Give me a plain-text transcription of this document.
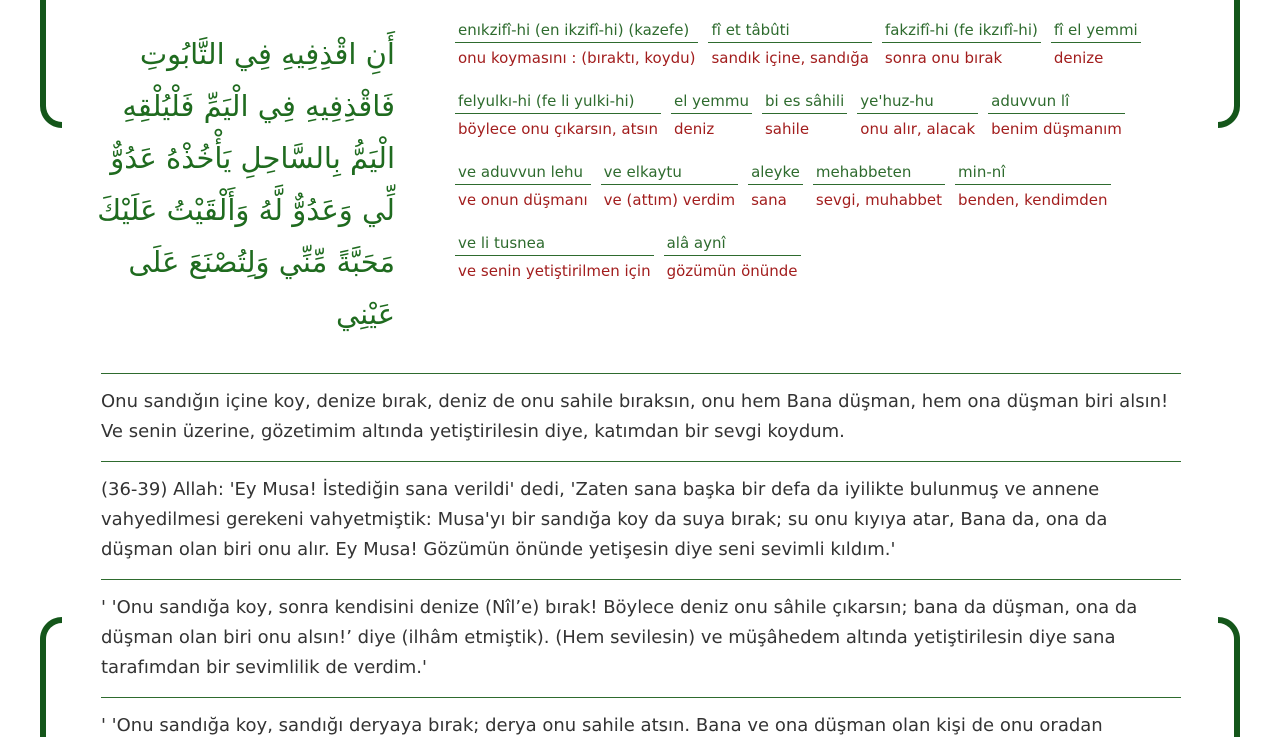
أَنِ اقْذِفِيهِ فِي التَّابُوتِ فَاقْذِفِيهِ فِي الْيَمِّ فَلْيُلْقِهِ الْيَمُّ بِالسَّاحِلِ يَأْخُذْهُ عَدُوٌّ لِّي وَعَدُوٌّ لَّهُ وَأَلْقَيْتُ عَلَيْكَ مَحَبَّةً مِّنِّي وَلِتُصْنَعَ عَلَى عَيْنِي
enıkzifî-hi (en ikzifî-hi) (kazefe)
onu koymasını : (bıraktı, koydu)
fî et tâbûti
sandık içine, sandığa
fakzifî-hi (fe ikzıfî-hi)
sonra onu bırak
fî el yemmi
denize
felyulkı-hi (fe li yulki-hi)
böylece onu çıkarsın, atsın
el yemmu
deniz
bi es sâhili
sahile
ye'huz-hu
onu alır, alacak
aduvvun lî
benim düşmanım
ve aduvvun lehu
ve onun düşmanı
ve elkaytu
ve (attım) verdim
aleyke
sana
mehabbeten
sevgi, muhabbet
min-nî
benden, kendimden
ve li tusnea
ve senin yetiştirilmen için
alâ aynî
gözümün önünde

Onu sandığın içine koy, denize bırak, deniz de onu sahile bıraksın, onu hem Bana düşman, hem ona düşman biri alsın! Ve senin üzerine, gözetimim altında yetiştirilesin diye, katımdan bir sevgi koydum.

(36-39) Allah: 'Ey Musa! İstediğin sana verildi' dedi, 'Zaten sana başka bir defa da iyilikte bulunmuş ve annene vahyedilmesi gerekeni vahyetmiştik: Musa'yı bir sandığa koy da suya bırak; su onu kıyıya atar, Bana da, ona da düşman olan biri onu alır. Ey Musa! Gözümün önünde yetişesin diye seni sevimli kıldım.'

' 'Onu sandığa koy, sonra kendisini denize (Nîl’e) bırak! Böylece deniz onu sâhile çıkarsın; bana da düşman, ona da düşman olan biri onu alsın!’ diye (ilhâm etmiştik). (Hem sevilesin) ve müşâhedem altında yetiştirilesin diye sana tarafımdan bir sevimlilik de verdim.'

' 'Onu sandığa koy, sandığı deryaya bırak; derya onu sahile atsın. Bana ve ona düşman olan kişi de onu oradan
